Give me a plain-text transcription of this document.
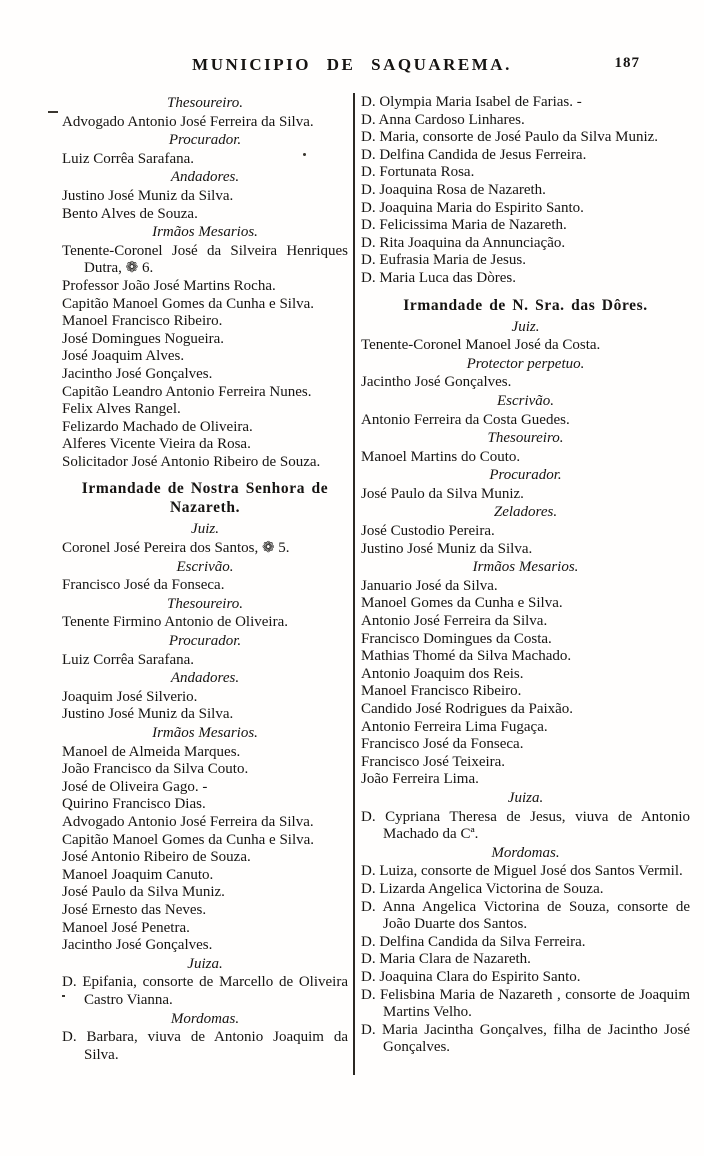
MUNICIPIO DE SAQUAREMA.	187
Thesoureiro.
Advogado Antonio José Ferreira da Silva.
Procurador.
Luiz Corrêa Sarafana.
Andadores.
Justino José Muniz da Silva.
Bento Alves de Souza.
Irmãos Mesarios.
Tenente-Coronel José da Silveira Henriques Dutra, ❁ 6.
Professor João José Martins Rocha.
Capitão Manoel Gomes da Cunha e Silva.
Manoel Francisco Ribeiro.
José Domingues Nogueira.
José Joaquim Alves.
Jacintho José Gonçalves.
Capitão Leandro Antonio Ferreira Nunes.
Felix Alves Rangel.
Felizardo Machado de Oliveira.
Alferes Vicente Vieira da Rosa.
Solicitador José Antonio Ribeiro de Souza.
Irmandade de Nostra Senhora de Nazareth.
Juiz.
Coronel José Pereira dos Santos, ❁ 5.
Escrivão.
Francisco José da Fonseca.
Thesoureiro.
Tenente Firmino Antonio de Oliveira.
Procurador.
Luiz Corrêa Sarafana.
Andadores.
Joaquim José Silverio.
Justino José Muniz da Silva.
Irmãos Mesarios.
Manoel de Almeida Marques.
João Francisco da Silva Couto.
José de Oliveira Gago. -
Quirino Francisco Dias.
Advogado Antonio José Ferreira da Silva.
Capitão Manoel Gomes da Cunha e Silva.
José Antonio Ribeiro de Souza.
Manoel Joaquim Canuto.
José Paulo da Silva Muniz.
José Ernesto das Neves.
Manoel José Penetra.
Jacintho José Gonçalves.
Juiza.
D. Epifania, consorte de Marcello de Oliveira Castro Vianna.
Mordomas.
D. Barbara, viuva de Antonio Joaquim da Silva.
D. Olympia Maria Isabel de Farias. -
D. Anna Cardoso Linhares.
D. Maria, consorte de José Paulo da Silva Muniz.
D. Delfina Candida de Jesus Ferreira.
D. Fortunata Rosa.
D. Joaquina Rosa de Nazareth.
D. Joaquina Maria do Espirito Santo.
D. Felicissima Maria de Nazareth.
D. Rita Joaquina da Annunciação.
D. Eufrasia Maria de Jesus.
D. Maria Luca das Dòres.
Irmandade de N. Sra. das Dôres.
Juiz.
Tenente-Coronel Manoel José da Costa.
Protector perpetuo.
Jacintho José Gonçalves.
Escrivão.
Antonio Ferreira da Costa Guedes.
Thesoureiro.
Manoel Martins do Couto.
Procurador.
José Paulo da Silva Muniz.
Zeladores.
José Custodio Pereira.
Justino José Muniz da Silva.
Irmãos Mesarios.
Januario José da Silva.
Manoel Gomes da Cunha e Silva.
Antonio José Ferreira da Silva.
Francisco Domingues da Costa.
Mathias Thomé da Silva Machado.
Antonio Joaquim dos Reis.
Manoel Francisco Ribeiro.
Candido José Rodrigues da Paixão.
Antonio Ferreira Lima Fugaça.
Francisco José da Fonseca.
Francisco José Teixeira.
João Ferreira Lima.
Juiza.
D. Cypriana Theresa de Jesus, viuva de Antonio Machado da Cª.
Mordomas.
D. Luiza, consorte de Miguel José dos Santos Vermil.
D. Lizarda Angelica Victorina de Souza.
D. Anna Angelica Victorina de Souza, consorte de João Duarte dos Santos.
D. Delfina Candida da Silva Ferreira.
D. Maria Clara de Nazareth.
D. Joaquina Clara do Espirito Santo.
D. Felisbina Maria de Nazareth , consorte de Joaquim Martins Velho.
D. Maria Jacintha Gonçalves, filha de Jacintho José Gonçalves.
